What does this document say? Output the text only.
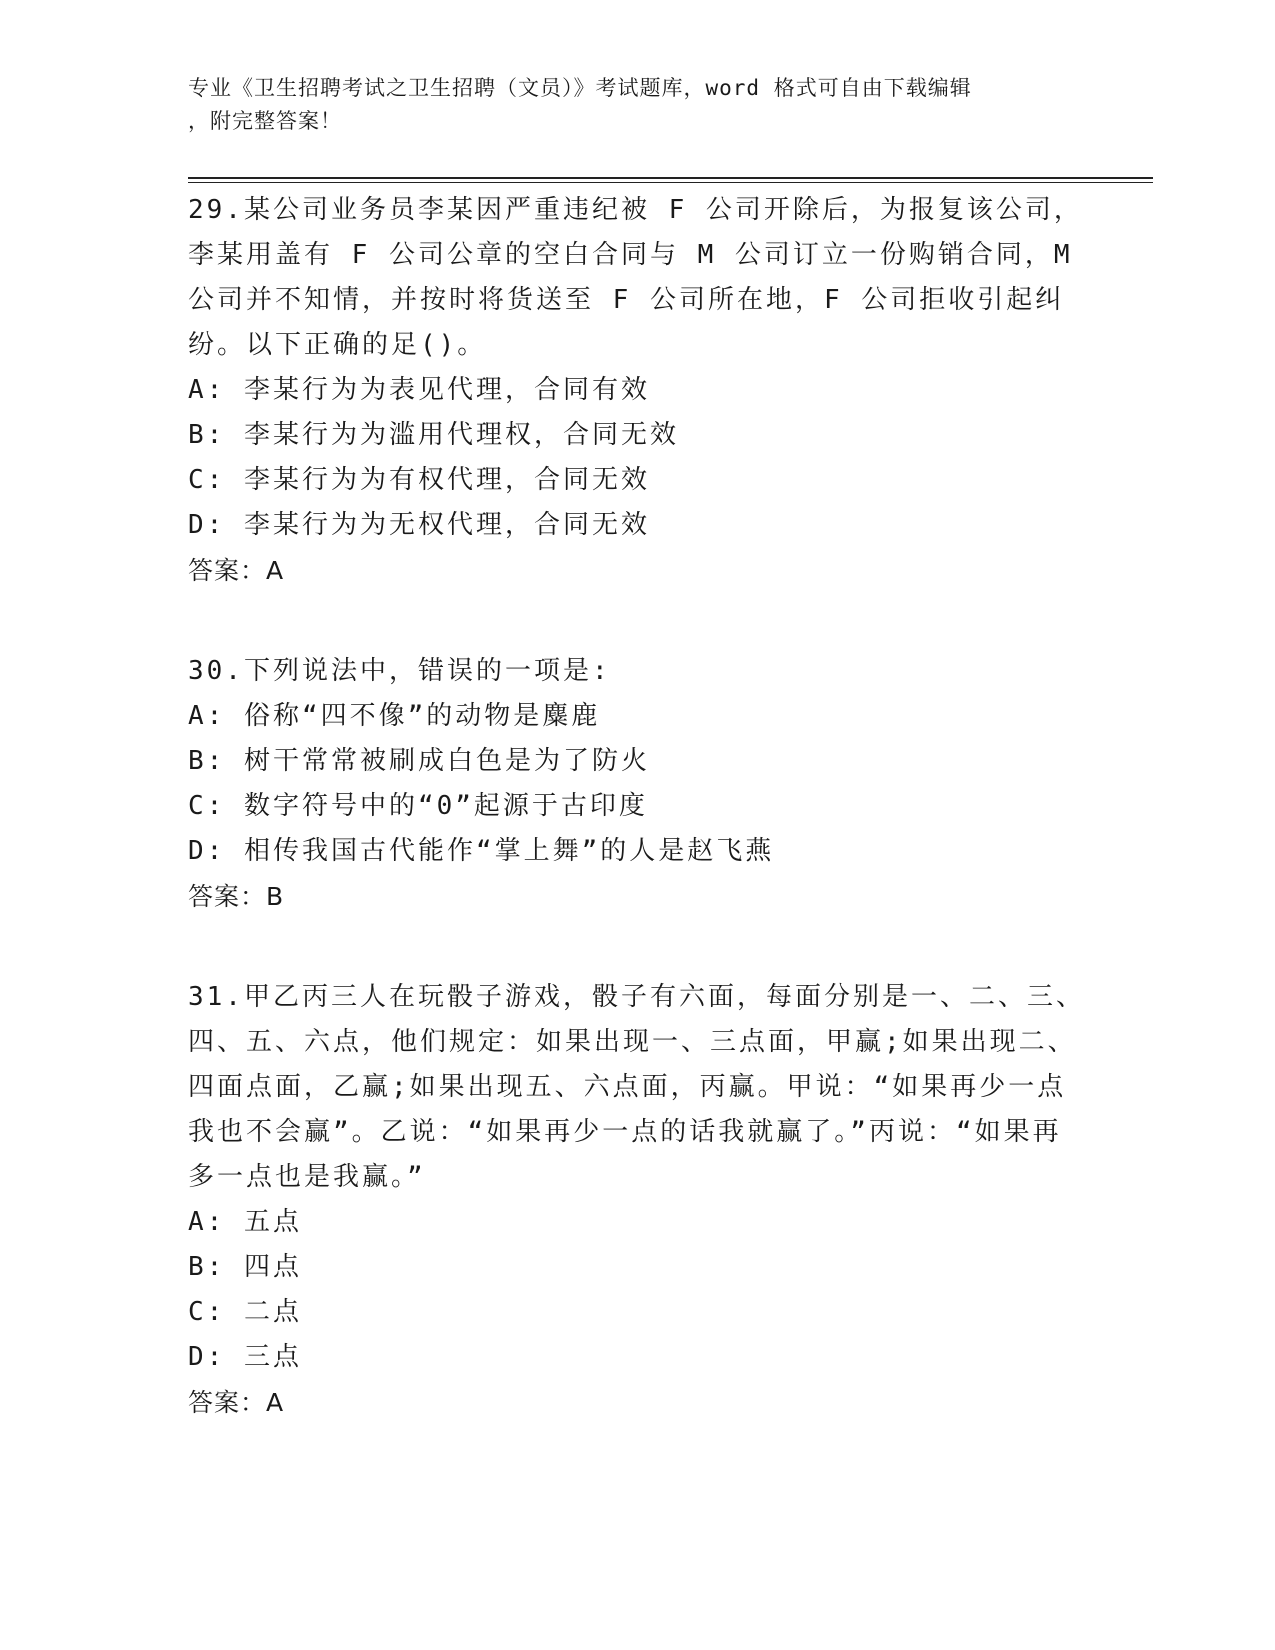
专业《卫生招聘考试之卫生招聘（文员）》考试题库，word 格式可自由下载编辑
，附完整答案！

29.某公司业务员李某因严重违纪被 F 公司开除后，为报复该公司，李某用盖有 F 公司公章的空白合同与 M 公司订立一份购销合同，M 公司并不知情，并按时将货送至 F 公司所在地，F 公司拒收引起纠纷。以下正确的足()。

A: 李某行为为表见代理，合同有效

B: 李某行为为滥用代理权，合同无效

C: 李某行为为有权代理，合同无效

D: 李某行为为无权代理，合同无效

答案：A

30.下列说法中，错误的一项是:

A: 俗称“四不像”的动物是麋鹿

B: 树干常常被刷成白色是为了防火

C: 数字符号中的“0”起源于古印度

D: 相传我国古代能作“掌上舞”的人是赵飞燕

答案：B

31.甲乙丙三人在玩骰子游戏，骰子有六面，每面分别是一、二、三、四、五、六点，他们规定：如果出现一、三点面，甲赢;如果出现二、四面点面，乙赢;如果出现五、六点面，丙赢。甲说：“如果再少一点我也不会赢”。乙说：“如果再少一点的话我就赢了。”丙说：“如果再多一点也是我赢。”

A: 五点

B: 四点

C: 二点

D: 三点

答案：A
